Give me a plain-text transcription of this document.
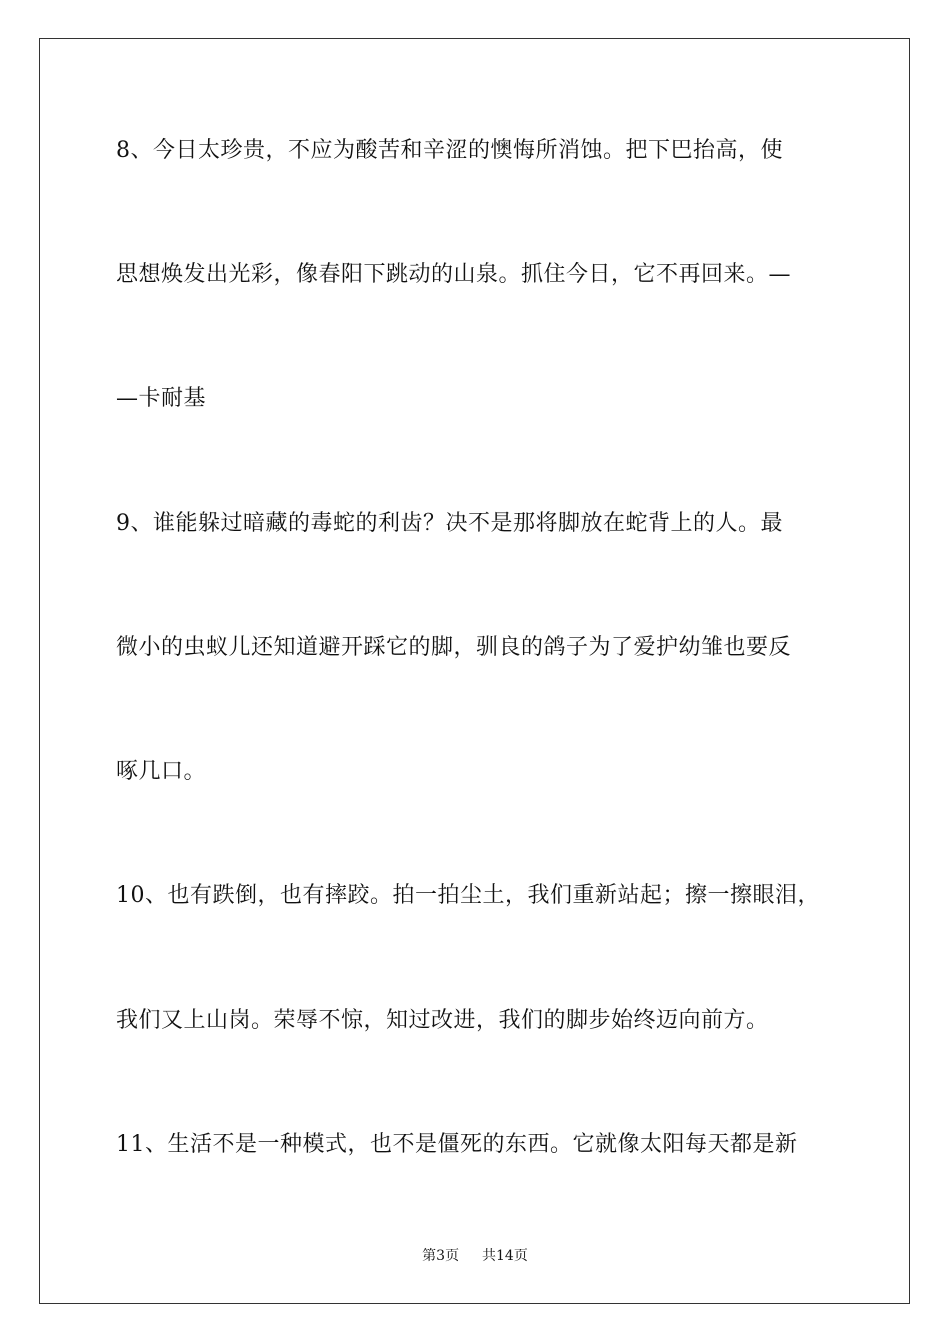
8、今日太珍贵，不应为酸苦和辛涩的懊悔所消蚀。把下巴抬高，使
思想焕发出光彩，像春阳下跳动的山泉。抓住今日，它不再回来。—
—卡耐基
9、谁能躲过暗藏的毒蛇的利齿？决不是那将脚放在蛇背上的人。最
微小的虫蚁儿还知道避开踩它的脚，驯良的鸽子为了爱护幼雏也要反
啄几口。
10、也有跌倒，也有摔跤。拍一拍尘土，我们重新站起；擦一擦眼泪，
我们又上山岗。荣辱不惊，知过改进，我们的脚步始终迈向前方。
11、生活不是一种模式，也不是僵死的东西。它就像太阳每天都是新
第3页 共14页
